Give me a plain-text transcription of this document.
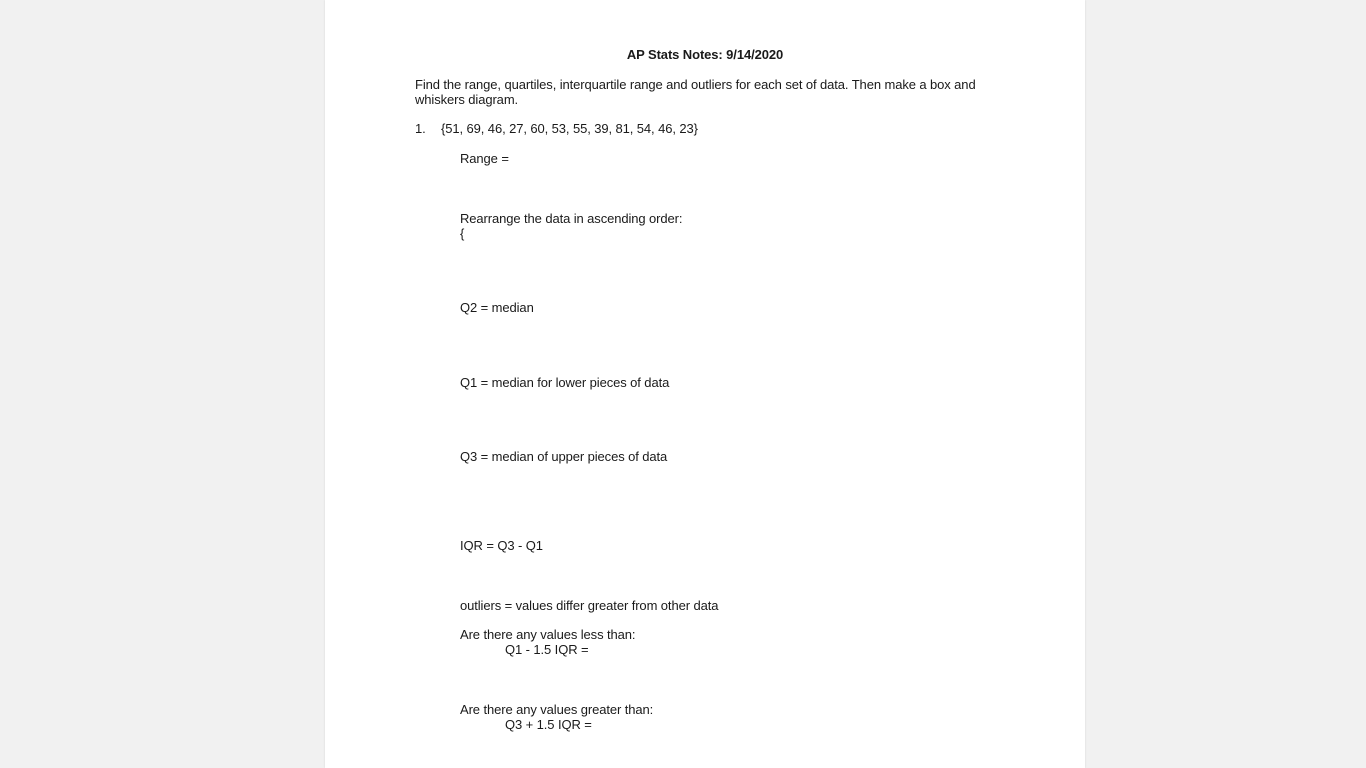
AP Stats Notes: 9/14/2020
Find the range, quartiles, interquartile range and outliers for each set of data. Then make a box and whiskers diagram.
1. {51, 69, 46, 27, 60, 53, 55, 39, 81, 54, 46, 23}
Range =
Rearrange the data in ascending order:
{
Q2 = median
Q1 = median for lower pieces of data
Q3 = median of upper pieces of data
IQR = Q3 - Q1
outliers = values differ greater from other data
Are there any values less than:
Q1 - 1.5 IQR =
Are there any values greater than:
Q3 + 1.5 IQR =
